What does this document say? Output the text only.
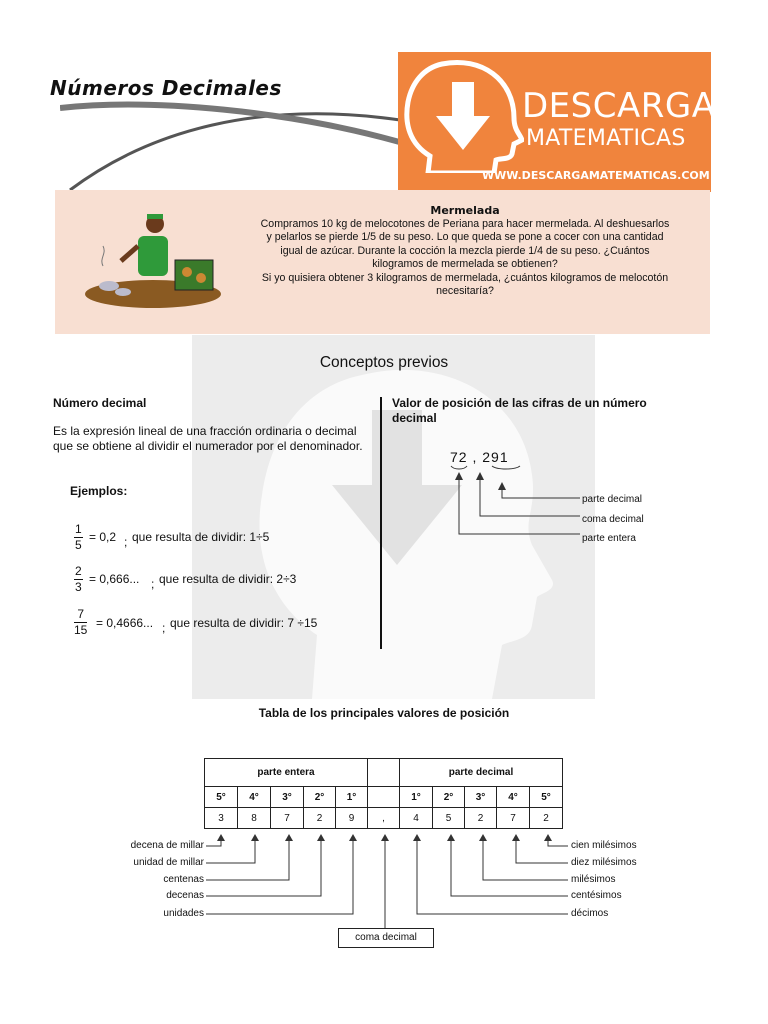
Números Decimales	DESCARGA
MATEMATICAS
WWW.DESCARGAMATEMATICAS.COM
Mermelada
Compramos 10 kg de melocotones de Periana para hacer mermelada. Al deshuesarlos
y pelarlos se pierde 1/5 de su peso. Lo que queda se pone a cocer con una cantidad
igual de azúcar. Durante la cocción la mezcla pierde 1/4 de su peso. ¿Cuántos
kilogramos de mermelada se obtienen?
Si yo quisiera obtener 3 kilogramos de mermelada, ¿cuántos kilogramos de melocotón
necesitaría?
Conceptos previos
Número decimal
Es la expresión lineal de una fracción ordinaria o decimal que se obtiene al dividir el numerador por el denominador.
Ejemplos:
$\frac{1}{5} = 0,2$ ; que resulta de dividir: 1÷5
$\frac{2}{3} = 0,666$... ; que resulta de dividir: 2÷3
$\frac{7}{15} = 0,4666$... ; que resulta de dividir: 7 ÷15
Valor de posición de las cifras de un número decimal
72 , 291
parte decimal
coma decimal
parte entera
Tabla de los principales valores de posición
parte entera						parte decimal				
5°	4°	3°	2°	1°		1°	2°	3°	4°	5°
3	8	7	2	9	,	4	5	2	7	2
decena de millar
unidad de millar
centenas
decenas
unidades
cien milésimos
diez milésimos
milésimos
centésimos
décimos
coma decimal
